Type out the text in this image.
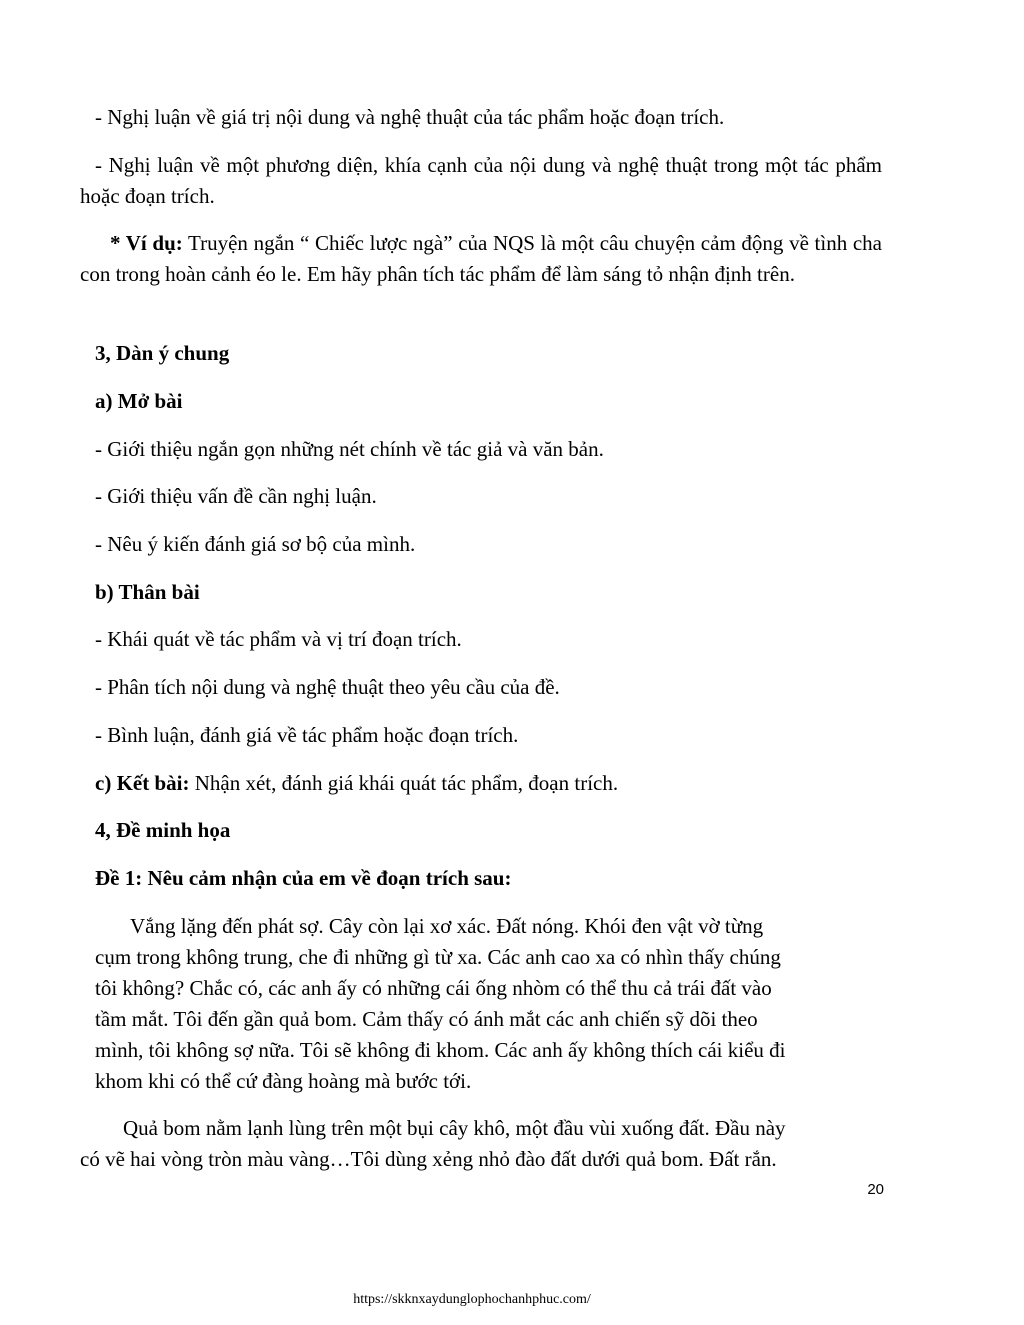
- Nghị luận về giá trị nội dung và nghệ thuật của tác phẩm hoặc đoạn trích.
- Nghị luận về một phương diện, khía cạnh của nội dung và nghệ thuật trong một tác phẩm hoặc đoạn trích.
* Ví dụ: Truyện ngắn “ Chiếc lược ngà” của NQS là một câu chuyện cảm động về tình cha con trong hoàn cảnh éo le. Em hãy phân tích tác phẩm để làm sáng tỏ nhận định trên.
3, Dàn ý chung
a) Mở bài
- Giới thiệu ngắn gọn những nét chính về tác giả và văn bản.
- Giới thiệu vấn đề cần nghị luận.
- Nêu ý kiến đánh giá sơ bộ của mình.
b) Thân bài
- Khái quát về tác phẩm và vị trí đoạn trích.
- Phân tích nội dung và nghệ thuật theo yêu cầu của đề.
- Bình luận, đánh giá về tác phẩm hoặc đoạn trích.
c) Kết bài: Nhận xét, đánh giá khái quát tác phẩm, đoạn trích.
4, Đề minh họa
Đề 1: Nêu cảm nhận của em về đoạn trích sau:
Vắng lặng đến phát sợ. Cây còn lại xơ xác. Đất nóng. Khói đen vật vờ từng
cụm trong không trung, che đi những gì từ xa. Các anh cao xa có nhìn thấy chúng
tôi không? Chắc có, các anh ấy có những cái ống nhòm có thể thu cả trái đất vào
tầm mắt. Tôi đến gần quả bom. Cảm thấy có ánh mắt các anh chiến sỹ dõi theo
mình, tôi không sợ nữa. Tôi sẽ không đi khom. Các anh ấy không thích cái kiểu đi
khom khi có thể cứ đàng hoàng mà bước tới.
Quả bom nằm lạnh lùng trên một bụi cây khô, một đầu vùi xuống đất. Đầu này
có vẽ hai vòng tròn màu vàng…Tôi dùng xẻng nhỏ đào đất dưới quả bom. Đất rắn.
20
https://skknxaydunglophochanhphuc.com/
